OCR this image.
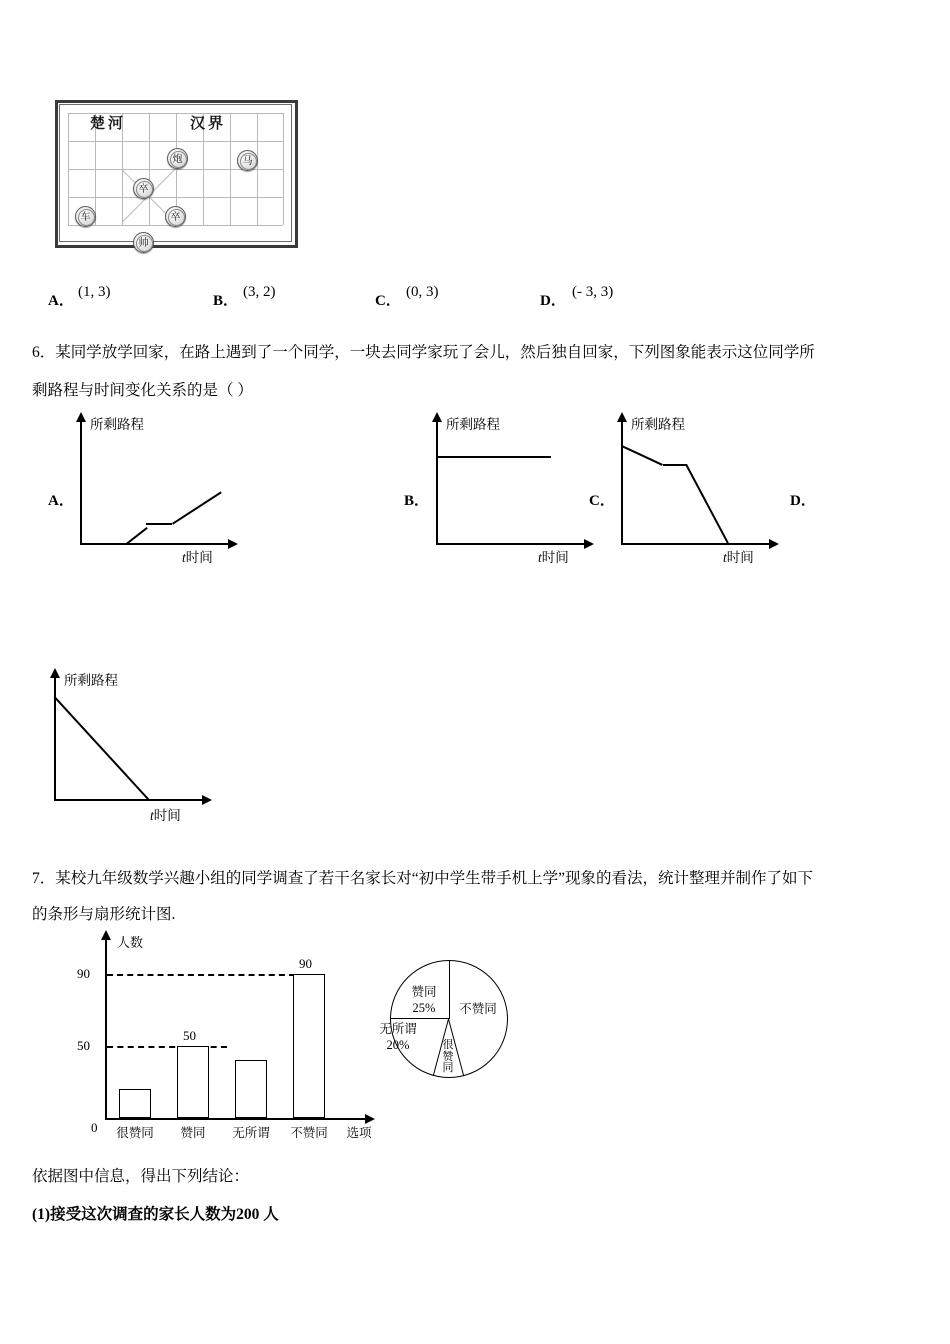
楚河	汉界
炮	马
卒
车	卒
帅
A．
(1, 3)
B．
(3, 2)
C．
(0, 3)
D．
(- 3, 3)
6．某同学放学回家，在路上遇到了一个同学，一块去同学家玩了会儿，然后独自回家，下列图象能表示这位同学所
剩路程与时间变化关系的是（ ）
A．
所剩路程
t时间
B．
所剩路程
t时间
C．
所剩路程
t时间
D．
所剩路程
t时间
7．某校九年级数学兴趣小组的同学调查了若干名家长对“初中学生带手机上学”现象的看法，统计整理并制作了如下
的条形与扇形统计图.
人数
90
50
0
50
90
很赞同	赞同	无所谓	不赞同	选项
赞同
25%	不赞同
无所谓
20%	很
赞
同
依据图中信息，得出下列结论：
(1)接受这次调查的家长人数为200 人
